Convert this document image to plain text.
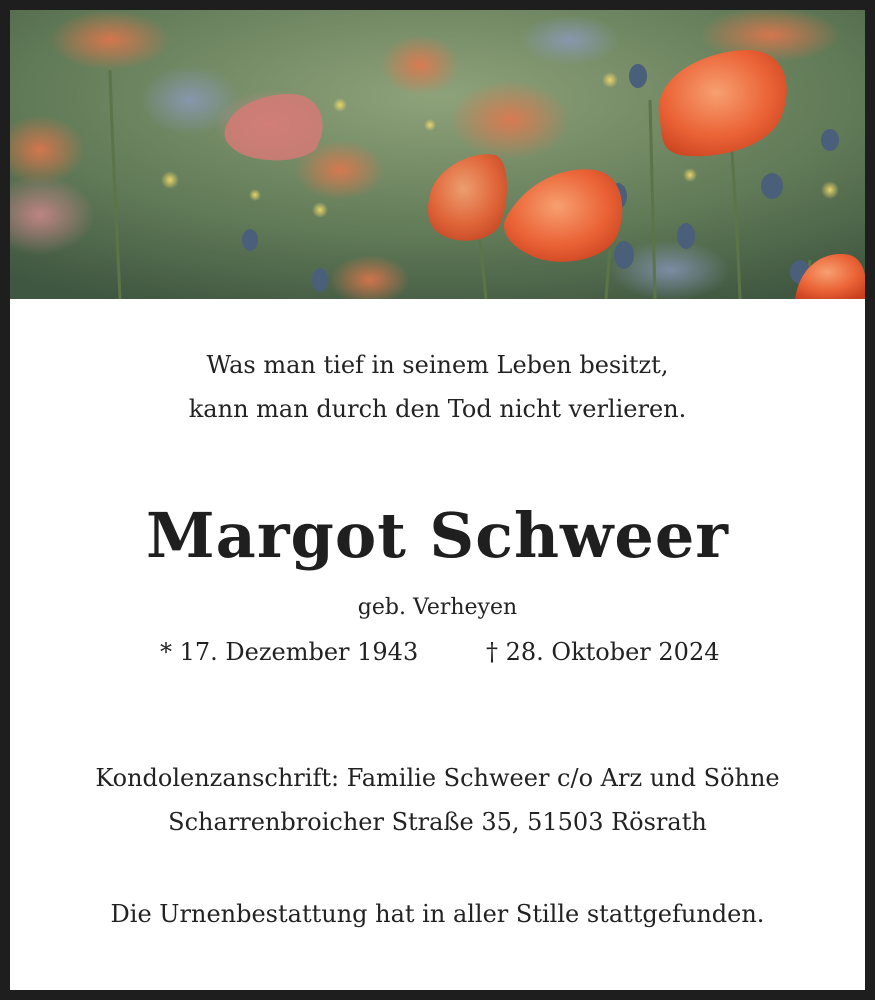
Was man tief in seinem Leben besitzt,
kann man durch den Tod nicht verlieren.
Margot Schweer
geb. Verheyen
* 17. Dezember 1943	† 28. Oktober 2024
Kondolenzanschrift: Familie Schweer c/o Arz und Söhne
Scharrenbroicher Straße 35, 51503 Rösrath
Die Urnenbestattung hat in aller Stille stattgefunden.
